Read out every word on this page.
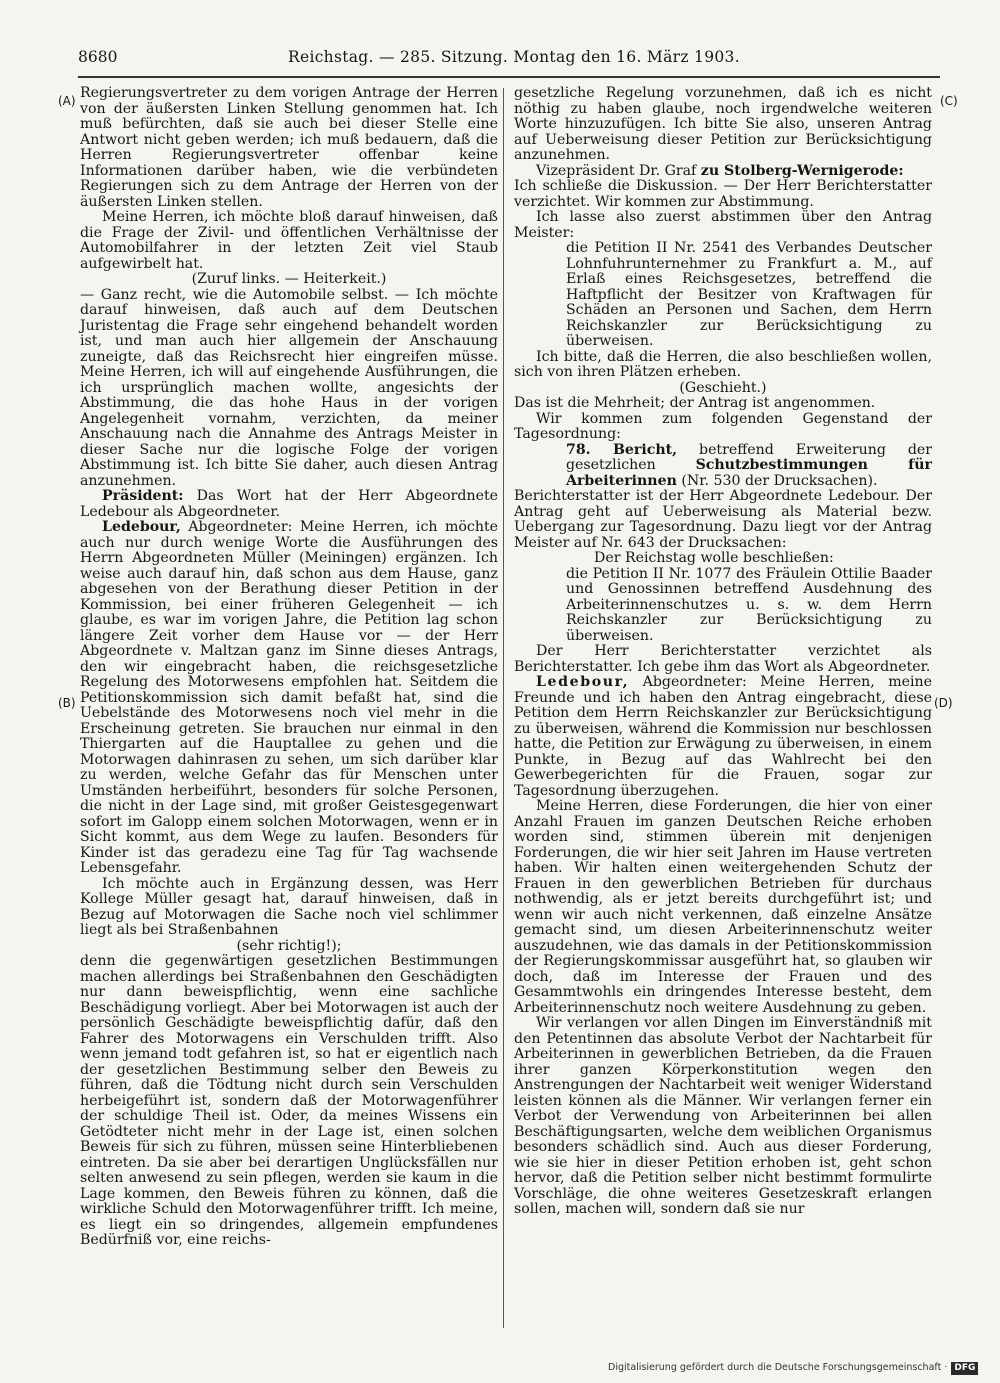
8680	Reichstag. — 285. Sitzung. Montag den 16. März 1903.
(A)
(B)
(C)
(D)

Regierungsvertreter zu dem vorigen Antrage der Herren von der äußersten Linken Stellung genommen hat. Ich muß befürchten, daß sie auch bei dieser Stelle eine Antwort nicht geben werden; ich muß bedauern, daß die Herren Regierungsvertreter offenbar keine Informationen darüber haben, wie die verbündeten Regierungen sich zu dem Antrage der Herren von der äußersten Linken stellen.

Meine Herren, ich möchte bloß darauf hinweisen, daß die Frage der Zivil- und öffentlichen Verhältnisse der Automobilfahrer in der letzten Zeit viel Staub aufgewirbelt hat.

(Zuruf links. — Heiterkeit.)

— Ganz recht, wie die Automobile selbst. — Ich möchte darauf hinweisen, daß auch auf dem Deutschen Juristentag die Frage sehr eingehend behandelt worden ist, und man auch hier allgemein der Anschauung zuneigte, daß das Reichsrecht hier eingreifen müsse. Meine Herren, ich will auf eingehende Ausführungen, die ich ursprünglich machen wollte, angesichts der Abstimmung, die das hohe Haus in der vorigen Angelegenheit vornahm, verzichten, da meiner Anschauung nach die Annahme des Antrags Meister in dieser Sache nur die logische Folge der vorigen Abstimmung ist. Ich bitte Sie daher, auch diesen Antrag anzunehmen.

Präsident: Das Wort hat der Herr Abgeordnete Ledebour als Abgeordneter.

Ledebour, Abgeordneter: Meine Herren, ich möchte auch nur durch wenige Worte die Ausführungen des Herrn Abgeordneten Müller (Meiningen) ergänzen. Ich weise auch darauf hin, daß schon aus dem Hause, ganz abgesehen von der Berathung dieser Petition in der Kommission, bei einer früheren Gelegenheit — ich glaube, es war im vorigen Jahre, die Petition lag schon längere Zeit vorher dem Hause vor — der Herr Abgeordnete v. Maltzan ganz im Sinne dieses Antrags, den wir eingebracht haben, die reichsgesetzliche Regelung des Motorwesens empfohlen hat. Seitdem die Petitionskommission sich damit befaßt hat, sind die Uebelstände des Motorwesens noch viel mehr in die Erscheinung getreten. Sie brauchen nur einmal in den Thiergarten auf die Hauptallee zu gehen und die Motorwagen dahinrasen zu sehen, um sich darüber klar zu werden, welche Gefahr das für Menschen unter Umständen herbeiführt, besonders für solche Personen, die nicht in der Lage sind, mit großer Geistesgegenwart sofort im Galopp einem solchen Motorwagen, wenn er in Sicht kommt, aus dem Wege zu laufen. Besonders für Kinder ist das geradezu eine Tag für Tag wachsende Lebensgefahr.

Ich möchte auch in Ergänzung dessen, was Herr Kollege Müller gesagt hat, darauf hinweisen, daß in Bezug auf Motorwagen die Sache noch viel schlimmer liegt als bei Straßenbahnen

(sehr richtig!);

denn die gegenwärtigen gesetzlichen Bestimmungen machen allerdings bei Straßenbahnen den Geschädigten nur dann beweispflichtig, wenn eine sachliche Beschädigung vorliegt. Aber bei Motorwagen ist auch der persönlich Geschädigte beweispflichtig dafür, daß den Fahrer des Motorwagens ein Verschulden trifft. Also wenn jemand todt gefahren ist, so hat er eigentlich nach der gesetzlichen Bestimmung selber den Beweis zu führen, daß die Tödtung nicht durch sein Verschulden herbeigeführt ist, sondern daß der Motorwagenführer der schuldige Theil ist. Oder, da meines Wissens ein Getödteter nicht mehr in der Lage ist, einen solchen Beweis für sich zu führen, müssen seine Hinterbliebenen eintreten. Da sie aber bei derartigen Unglücksfällen nur selten anwesend zu sein pflegen, werden sie kaum in die Lage kommen, den Beweis führen zu können, daß die wirkliche Schuld den Motorwagenführer trifft. Ich meine, es liegt ein so dringendes, allgemein empfundenes Bedürfniß vor, eine reichs-

gesetzliche Regelung vorzunehmen, daß ich es nicht nöthig zu haben glaube, noch irgendwelche weiteren Worte hinzuzufügen. Ich bitte Sie also, unseren Antrag auf Ueberweisung dieser Petition zur Berücksichtigung anzunehmen.

Vizepräsident Dr. Graf zu Stolberg-Wernigerode:

Ich schließe die Diskussion. — Der Herr Berichterstatter verzichtet. Wir kommen zur Abstimmung.

Ich lasse also zuerst abstimmen über den Antrag Meister:

die Petition II Nr. 2541 des Verbandes Deutscher Lohnfuhrunternehmer zu Frankfurt a. M., auf Erlaß eines Reichsgesetzes, betreffend die Haftpflicht der Besitzer von Kraftwagen für Schäden an Personen und Sachen, dem Herrn Reichskanzler zur Berücksichtigung zu überweisen.

Ich bitte, daß die Herren, die also beschließen wollen, sich von ihren Plätzen erheben.

(Geschieht.)

Das ist die Mehrheit; der Antrag ist angenommen.

Wir kommen zum folgenden Gegenstand der Tagesordnung:

78. Bericht, betreffend Erweiterung der gesetzlichen	Schutzbestimmungen für Arbeiterinnen (Nr. 530 der Drucksachen).

Berichterstatter ist der Herr Abgeordnete Ledebour. Der Antrag geht auf Ueberweisung als Material bezw. Uebergang zur Tagesordnung. Dazu liegt vor der Antrag Meister auf Nr. 643 der Drucksachen:

Der Reichstag wolle beschließen:

die Petition II Nr. 1077 des Fräulein Ottilie Baader und Genossinnen betreffend Ausdehnung des Arbeiterinnenschutzes u. s. w. dem Herrn Reichskanzler zur Berücksichtigung zu überweisen.

Der Herr Berichterstatter verzichtet als Berichterstatter. Ich gebe ihm das Wort als Abgeordneter.

Ledebour, Abgeordneter: Meine Herren, meine Freunde und ich haben den Antrag eingebracht, diese Petition dem Herrn Reichskanzler zur Berücksichtigung zu überweisen, während die Kommission nur beschlossen hatte, die Petition zur Erwägung zu überweisen, in einem Punkte, in Bezug auf das Wahlrecht bei den Gewerbegerichten für die Frauen, sogar zur Tagesordnung überzugehen.

Meine Herren, diese Forderungen, die hier von einer Anzahl Frauen im ganzen Deutschen Reiche erhoben worden sind, stimmen überein mit denjenigen Forderungen, die wir hier seit Jahren im Hause vertreten haben. Wir halten einen weitergehenden Schutz der Frauen in den gewerblichen Betrieben für durchaus nothwendig, als er jetzt bereits durchgeführt ist; und wenn wir auch nicht verkennen, daß einzelne Ansätze gemacht sind, um diesen Arbeiterinnenschutz weiter auszudehnen, wie das damals in der Petitionskommission der Regierungskommissar ausgeführt hat, so glauben wir doch, daß im Interesse der Frauen und des Gesammtwohls ein dringendes Interesse besteht, dem Arbeiterinnenschutz noch weitere Ausdehnung zu geben.

Wir verlangen vor allen Dingen im Einverständniß mit den Petentinnen das absolute Verbot der Nachtarbeit für Arbeiterinnen in gewerblichen Betrieben, da die Frauen ihrer ganzen Körperkonstitution wegen den Anstrengungen der Nachtarbeit weit weniger Widerstand leisten können als die Männer. Wir verlangen ferner ein Verbot der Verwendung von Arbeiterinnen bei allen Beschäftigungsarten, welche dem weiblichen Organismus besonders schädlich sind. Auch aus dieser Forderung, wie sie hier in dieser Petition erhoben ist, geht schon hervor, daß die Petition selber nicht bestimmt formulirte Vorschläge, die ohne weiteres Gesetzeskraft erlangen sollen, machen will, sondern daß sie nur

Digitalisierung gefördert durch die Deutsche Forschungsgemeinschaft · DFG
